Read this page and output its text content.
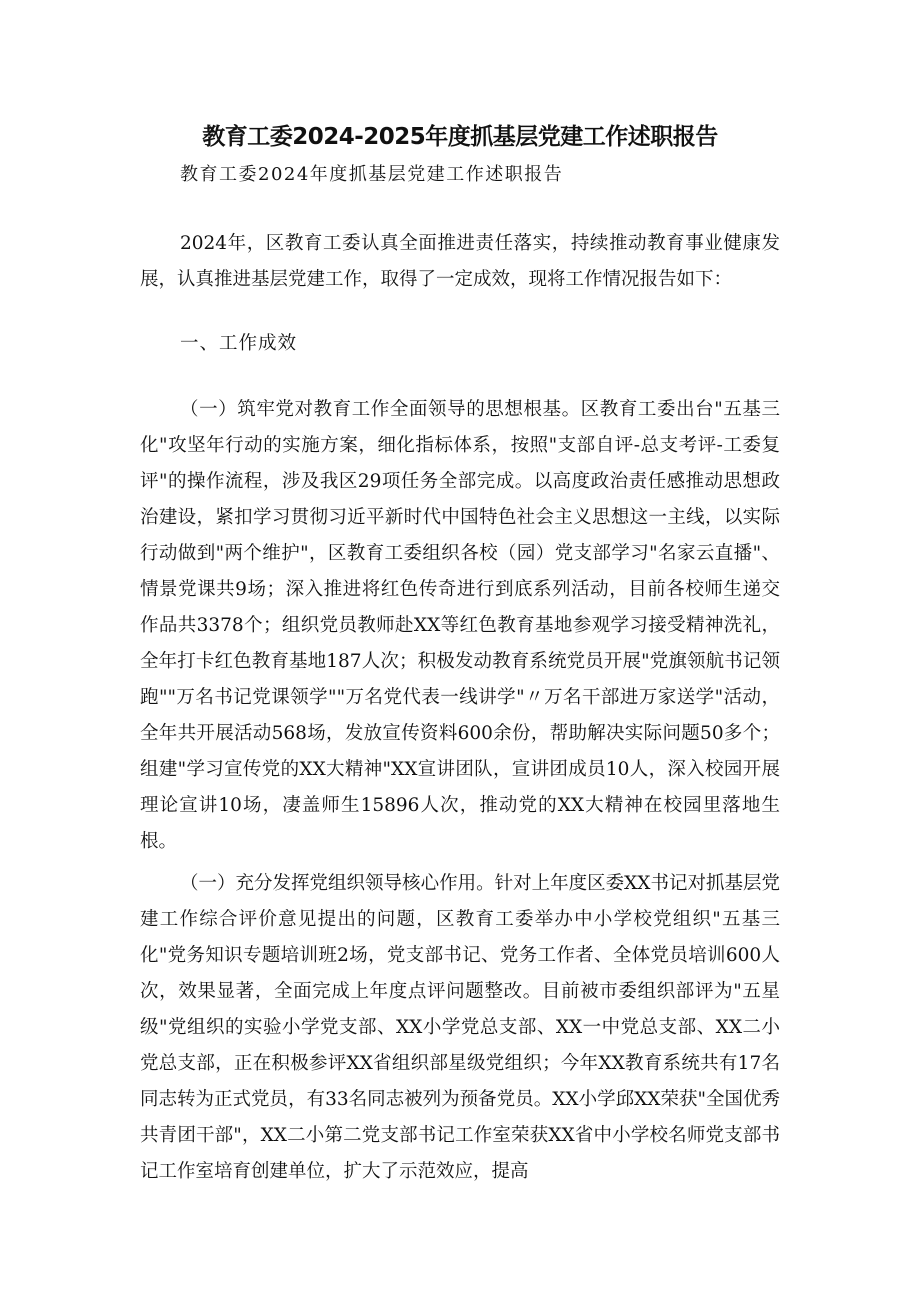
教育工委2024-2025年度抓基层党建工作述职报告

教育工委2024年度抓基层党建工作述职报告

2024年，区教育工委认真全面推进责任落实，持续推动教育事业健康发展，认真推进基层党建工作，取得了一定成效，现将工作情况报告如下：

一、工作成效

（一）筑牢党对教育工作全面领导的思想根基。区教育工委出台"五基三化"攻坚年行动的实施方案，细化指标体系，按照"支部自评-总支考评-工委复评"的操作流程，涉及我区29项任务全部完成。以高度政治责任感推动思想政治建设，紧扣学习贯彻习近平新时代中国特色社会主义思想这一主线，以实际行动做到"两个维护"，区教育工委组织各校（园）党支部学习"名家云直播"、情景党课共9场；深入推进将红色传奇进行到底系列活动，目前各校师生递交作品共3378个；组织党员教师赴XX等红色教育基地参观学习接受精神洗礼，全年打卡红色教育基地187人次；积极发动教育系统党员开展"党旗领航书记领跑""万名书记党课领学""万名党代表一线讲学"〃万名干部进万家送学"活动，全年共开展活动568场，发放宣传资料600余份，帮助解决实际问题50多个；组建"学习宣传党的XX大精神"XX宣讲团队，宣讲团成员10人，深入校园开展理论宣讲10场，凄盖师生15896人次，推动党的XX大精神在校园里落地生根。

（一）充分发挥党组织领导核心作用。针对上年度区委XX书记对抓基层党建工作综合评价意见提出的问题，区教育工委举办中小学校党组织"五基三化"党务知识专题培训班2场，党支部书记、党务工作者、全体党员培训600人次，效果显著，全面完成上年度点评问题整改。目前被市委组织部评为"五星级"党组织的实验小学党支部、XX小学党总支部、XX一中党总支部、XX二小党总支部，正在积极参评XX省组织部星级党组织；今年XX教育系统共有17名同志转为正式党员，有33名同志被列为预备党员。XX小学邱XX荣获"全国优秀共青团干部"，XX二小第二党支部书记工作室荣获XX省中小学校名师党支部书记工作室培育创建单位，扩大了示范效应，提高
